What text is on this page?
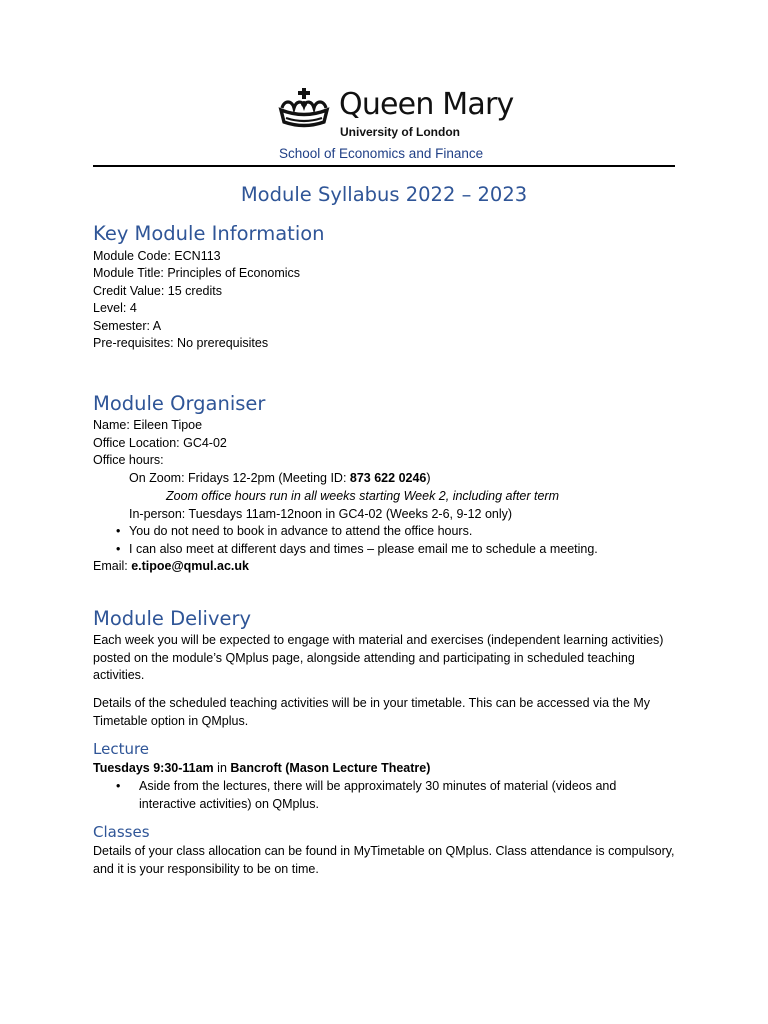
Queen Mary
University of London
School of Economics and Finance
Module Syllabus 2022 – 2023
Key Module Information
Module Code: ECN113
Module Title: Principles of Economics
Credit Value: 15 credits
Level: 4
Semester: A
Pre-requisites: No prerequisites
Module Organiser
Name: Eileen Tipoe
Office Location: GC4-02
Office hours:
On Zoom: Fridays 12-2pm (Meeting ID: 873 622 0246)
Zoom office hours run in all weeks starting Week 2, including after term
In-person: Tuesdays 11am-12noon in GC4-02 (Weeks 2-6, 9-12 only)
• You do not need to book in advance to attend the office hours.
• I can also meet at different days and times – please email me to schedule a meeting.
Email: e.tipoe@qmul.ac.uk
Module Delivery
Each week you will be expected to engage with material and exercises (independent learning activities) posted on the module’s QMplus page, alongside attending and participating in scheduled teaching activities.
Details of the scheduled teaching activities will be in your timetable. This can be accessed via the My Timetable option in QMplus.
Lecture
Tuesdays 9:30-11am in Bancroft (Mason Lecture Theatre)
• Aside from the lectures, there will be approximately 30 minutes of material (videos and interactive activities) on QMplus.
Classes
Details of your class allocation can be found in MyTimetable on QMplus. Class attendance is compulsory, and it is your responsibility to be on time.
